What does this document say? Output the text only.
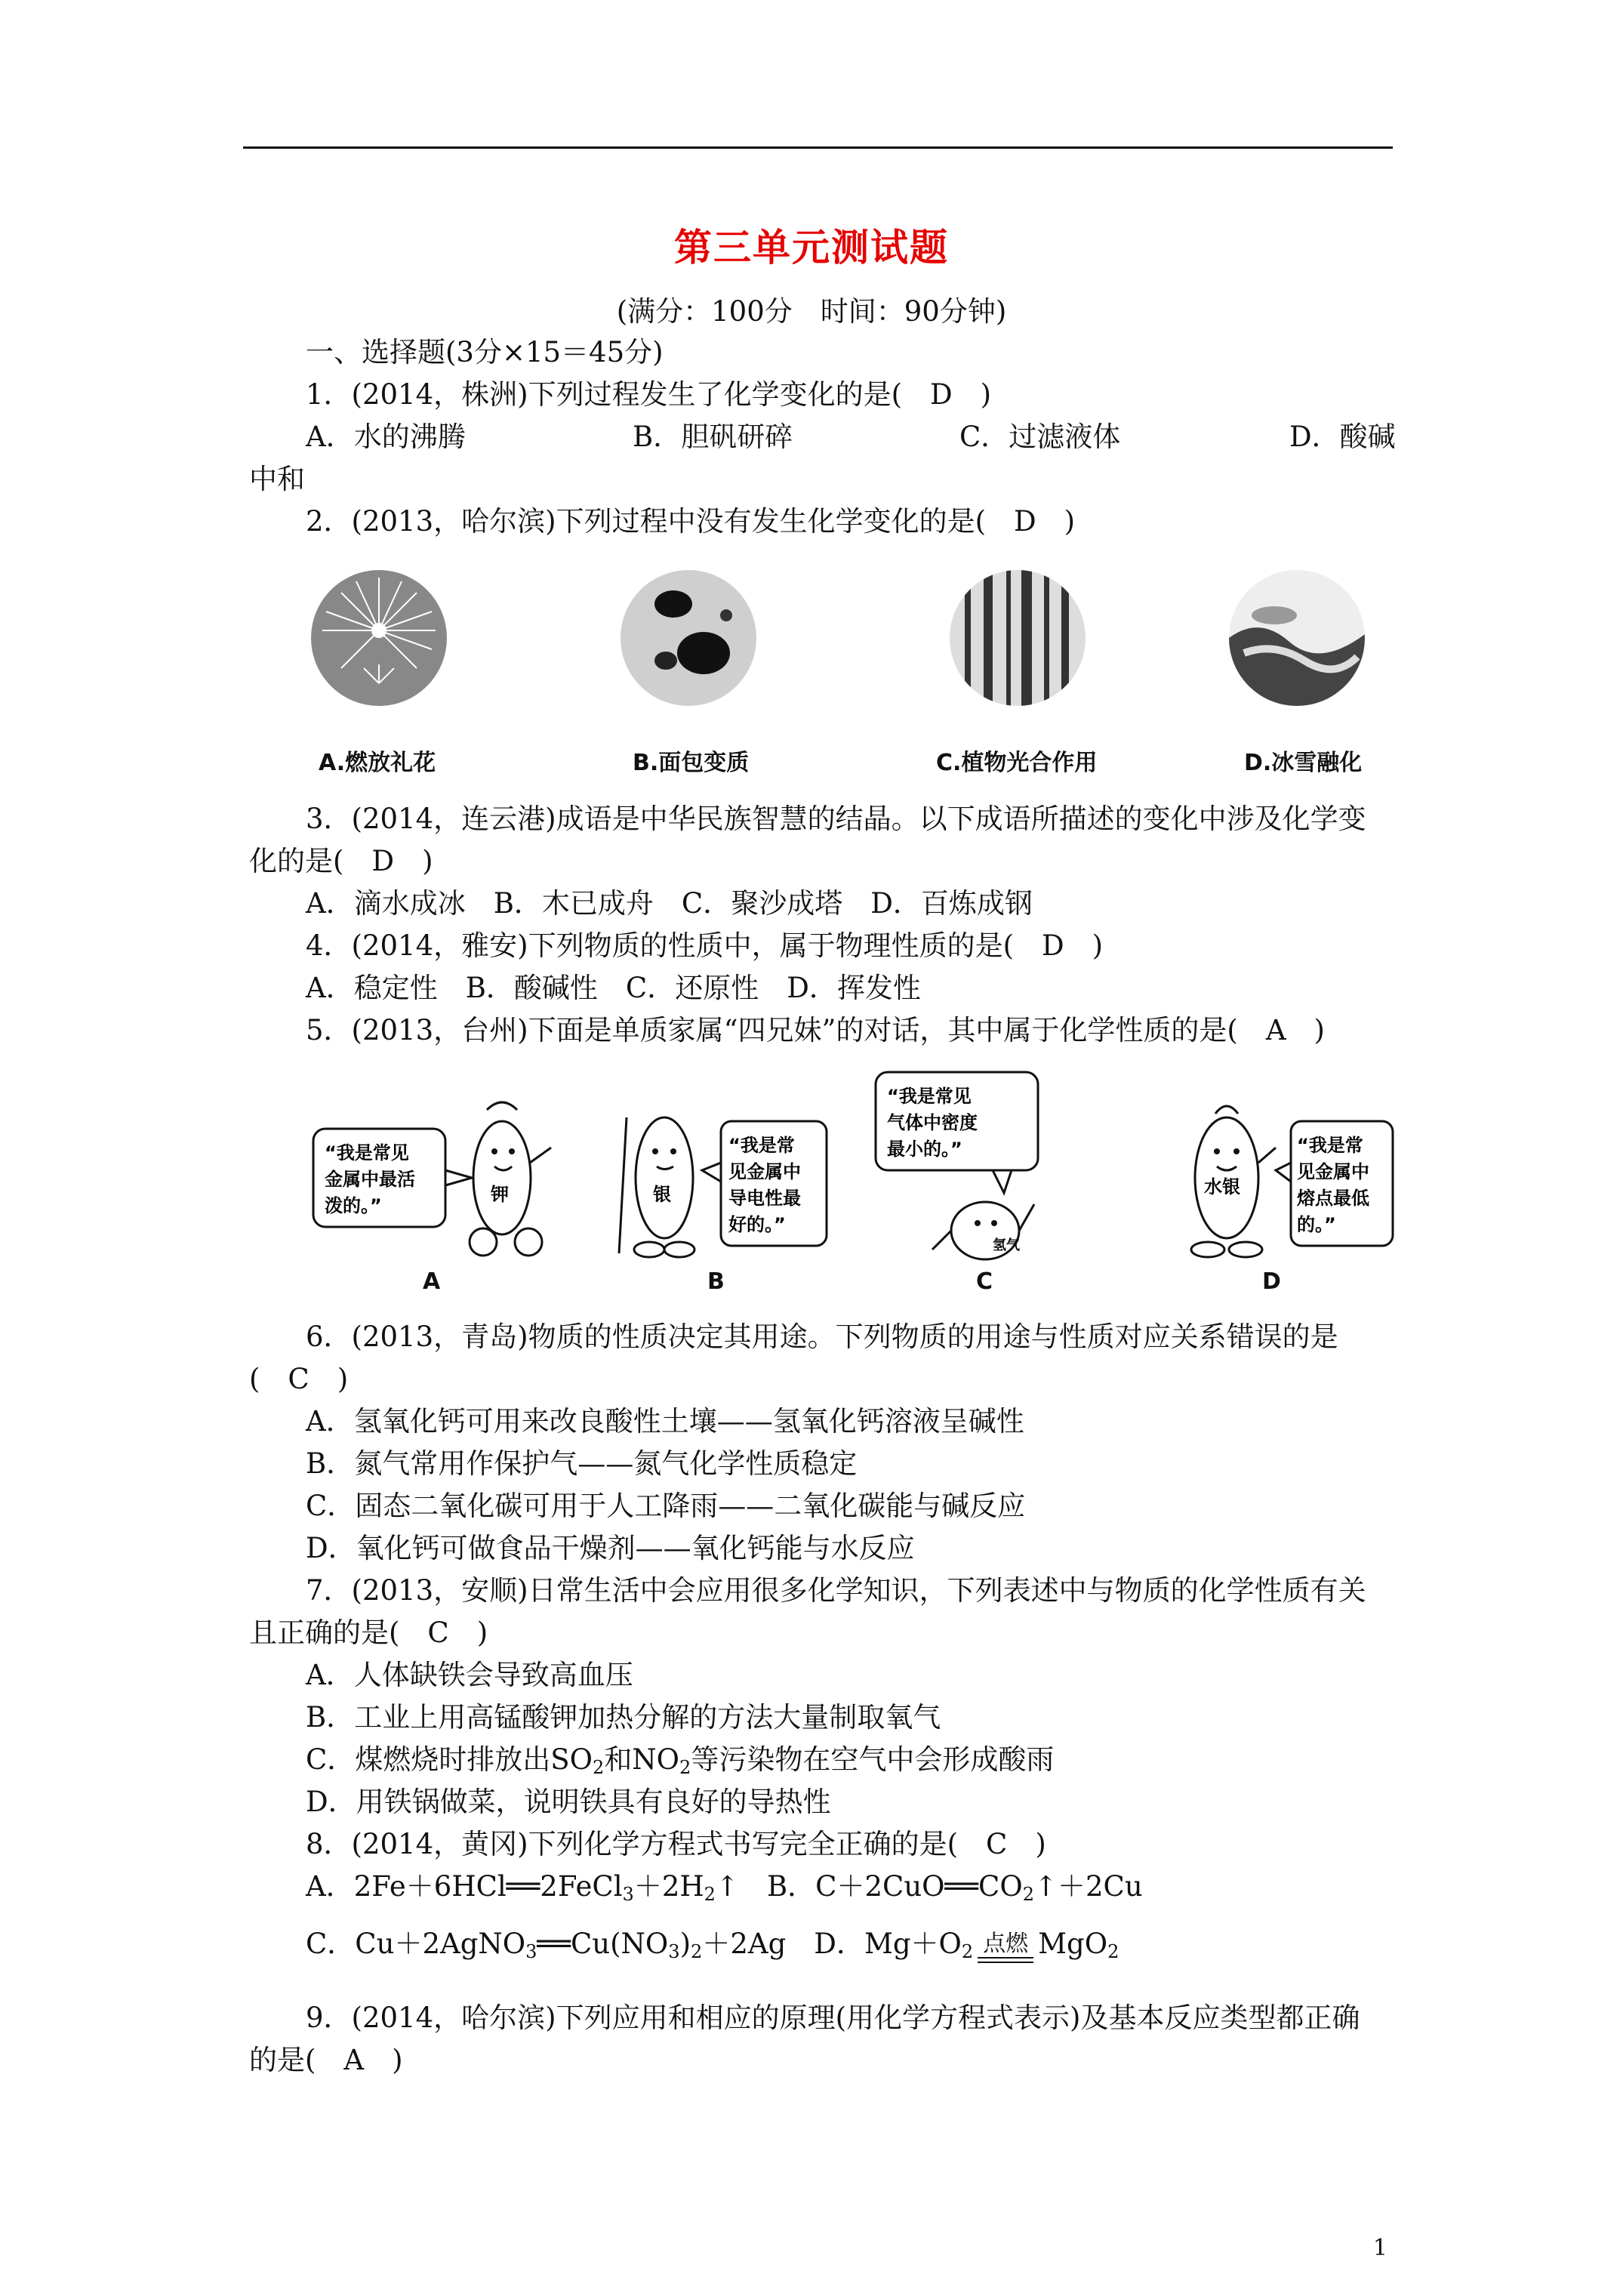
第三单元测试题
(满分：100分　时间：90分钟)
一、选择题(3分×15＝45分)
1．(2014，株洲)下列过程发生了化学变化的是(　D　)
A．水的沸腾	B．胆矾研碎	C．过滤液体	D．酸碱
中和
2．(2013，哈尔滨)下列过程中没有发生化学变化的是(　D　)
A.燃放礼花	B.面包变质	C.植物光合作用	D.冰雪融化
3．(2014，连云港)成语是中华民族智慧的结晶。以下成语所描述的变化中涉及化学变
化的是(　D　)
A．滴水成冰　B．木已成舟　C．聚沙成塔　D．百炼成钢
4．(2014，雅安)下列物质的性质中，属于物理性质的是(　D　)
A．稳定性　B．酸碱性　C．还原性　D．挥发性
5．(2013，台州)下面是单质家属“四兄妹”的对话，其中属于化学性质的是(　A　)
“我是常见
金属中最活
泼的。”
钾
“我是常
见金属中
导电性最
好的。”
银
“我是常见
气体中密度
最小的。”
氢气
“我是常
见金属中
熔点最低
的。”
水银
A	B	C	D
6．(2013，青岛)物质的性质决定其用途。下列物质的用途与性质对应关系错误的是
(　C　)
A．氢氧化钙可用来改良酸性土壤——氢氧化钙溶液呈碱性
B．氮气常用作保护气——氮气化学性质稳定
C．固态二氧化碳可用于人工降雨——二氧化碳能与碱反应
D．氧化钙可做食品干燥剂——氧化钙能与水反应
7．(2013，安顺)日常生活中会应用很多化学知识，下列表述中与物质的化学性质有关
且正确的是(　C　)
A．人体缺铁会导致高血压
B．工业上用高锰酸钾加热分解的方法大量制取氧气
C．煤燃烧时排放出$SO_2$和$NO_2$等污染物在空气中会形成酸雨
D．用铁锅做菜，说明铁具有良好的导热性
8．(2014，黄冈)下列化学方程式书写完全正确的是(　C　)
A．$2Fe+6HCl══2FeCl_3+2H_2↑$　B．$C+2CuO══CO_2↑+2Cu$
C．$Cu+2AgNO_3══Cu(NO_3)_2+2Ag$　D．$Mg+O_2$ 点燃 MgO$_2$
9．(2014，哈尔滨)下列应用和相应的原理(用化学方程式表示)及基本反应类型都正确
的是(　A　)
1
